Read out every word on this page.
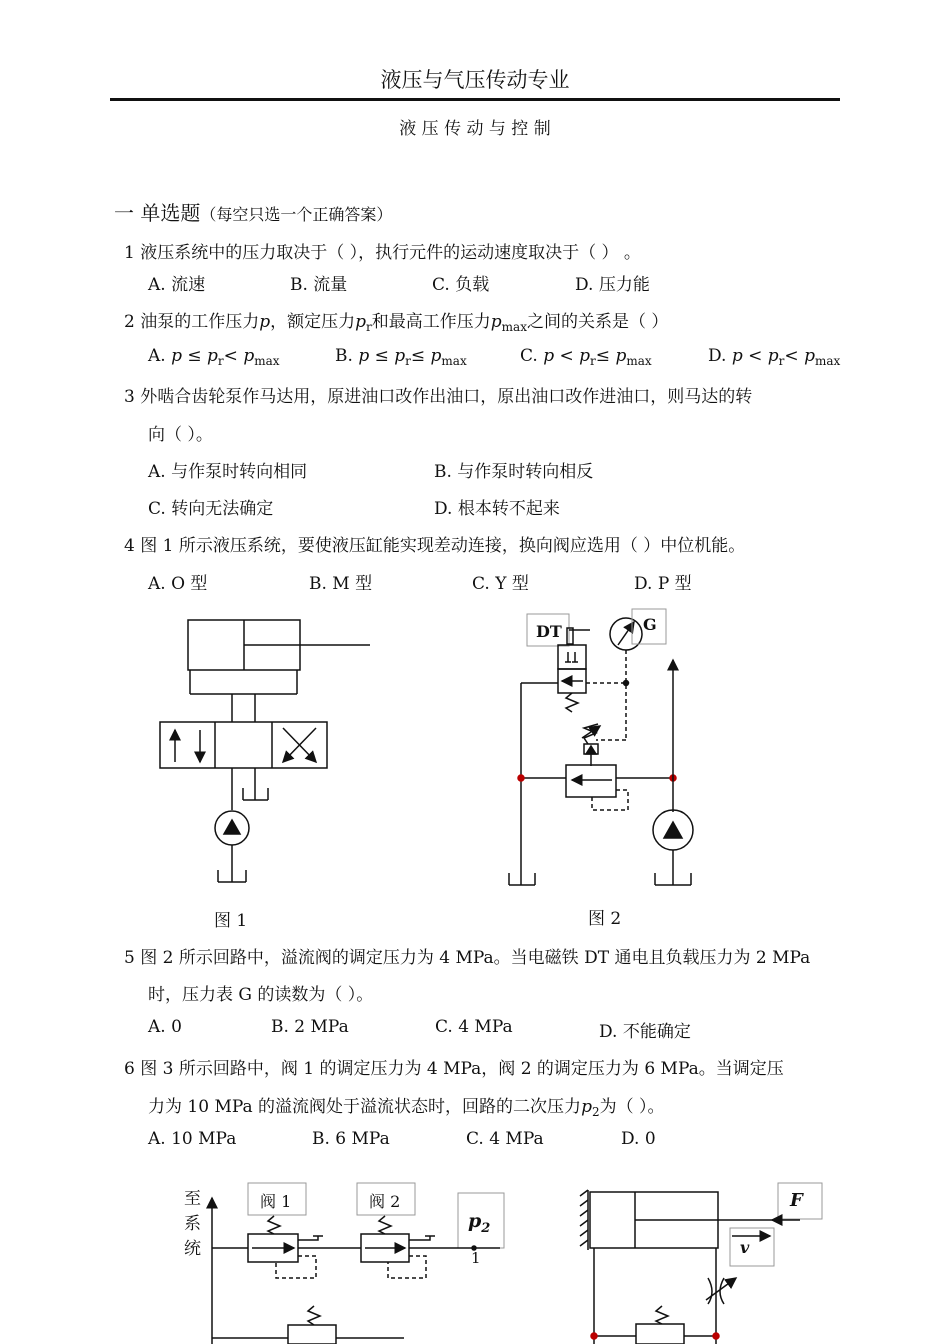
液压与气压传动专业
液 压 传 动 与 控 制
一 单选题（每空只选一个正确答案）
1 液压系统中的压力取决于（ ），执行元件的运动速度取决于（ ） 。
A. 流速	B. 流量	C. 负载	D. 压力能
2 油泵的工作压力p，额定压力$p_r$和最高工作压力$p_{max}$之间的关系是（ ）
A. $p \le p_r< p_{max}$	B. $p \le p_r\le p_{max}$	C. $p < p_r\le p_{max}$	D. $p < p_r< p_{max}$
3 外啮合齿轮泵作马达用，原进油口改作出油口，原出油口改作进油口，则马达的转
向（ ）。
A. 与作泵时转向相同	B. 与作泵时转向相反
C. 转向无法确定	D. 根本转不起来
4 图 1 所示液压系统，要使液压缸能实现差动连接，换向阀应选用（ ）中位机能。
A. O 型	B. M 型	C. Y 型	D. P 型
DT	G
图 1	图 2
5 图 2 所示回路中，溢流阀的调定压力为 4 MPa。当电磁铁 DT 通电且负载压力为 2 MPa
时，压力表 G 的读数为（ ）。
A. 0	B. 2 MPa	C. 4 MPa	D. 不能确定
6 图 3 所示回路中，阀 1 的调定压力为 4 MPa，阀 2 的调定压力为 6 MPa。当调定压
力为 10 MPa 的溢流阀处于溢流状态时，回路的二次压力$p_2$为（ ）。
A. 10 MPa	B. 6 MPa	C. 4 MPa	D. 0
至
系
统
阀 1	阀 2
$p_2$
1
F
v
